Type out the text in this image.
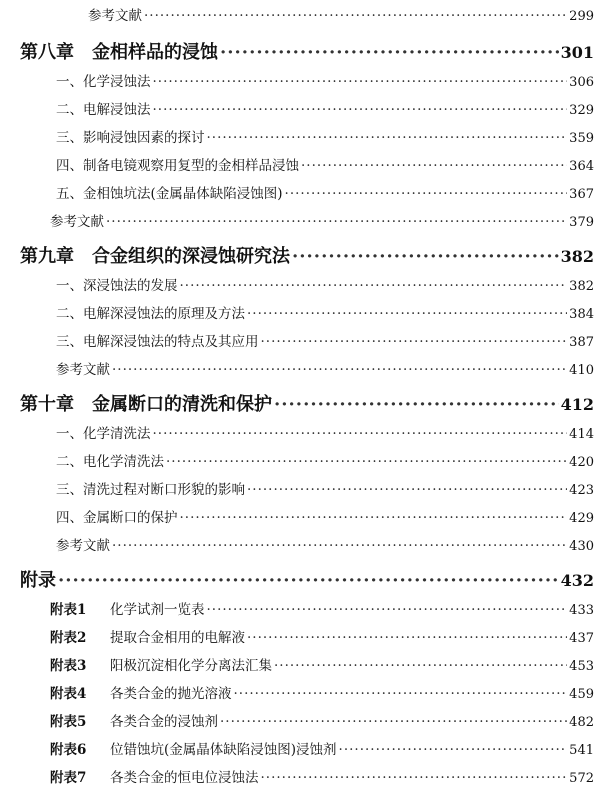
参考文献 ·····	299
第八章　金相样品的浸蚀 ·····	301
一、化学浸蚀法 ·····	306
二、电解浸蚀法 ·····	329
三、影响浸蚀因素的探讨 ·····	359
四、制备电镜观察用复型的金相样品浸蚀 ·····	364
五、金相蚀坑法(金属晶体缺陷浸蚀图) ·····	367
参考文献 ·····	379
第九章　合金组织的深浸蚀研究法 ·····	382
一、深浸蚀法的发展 ·····	382
二、电解深浸蚀法的原理及方法 ·····	384
三、电解深浸蚀法的特点及其应用 ·····	387
参考文献 ·····	410
第十章　金属断口的清洗和保护 ·····	412
一、化学清洗法 ·····	414
二、电化学清洗法 ·····	420
三、清洗过程对断口形貌的影响 ·····	423
四、金属断口的保护 ·····	429
参考文献 ·····	430
附录 ·····	432
附表1 化学试剂一览表 ·····	433
附表2 提取合金相用的电解液 ·····	437
附表3 阳极沉淀相化学分离法汇集 ·····	453
附表4 各类合金的抛光溶液 ·····	459
附表5 各类合金的浸蚀剂 ·····	482
附表6 位错蚀坑(金属晶体缺陷浸蚀图)浸蚀剂 ·····	541
附表7 各类合金的恒电位浸蚀法 ·····	572
